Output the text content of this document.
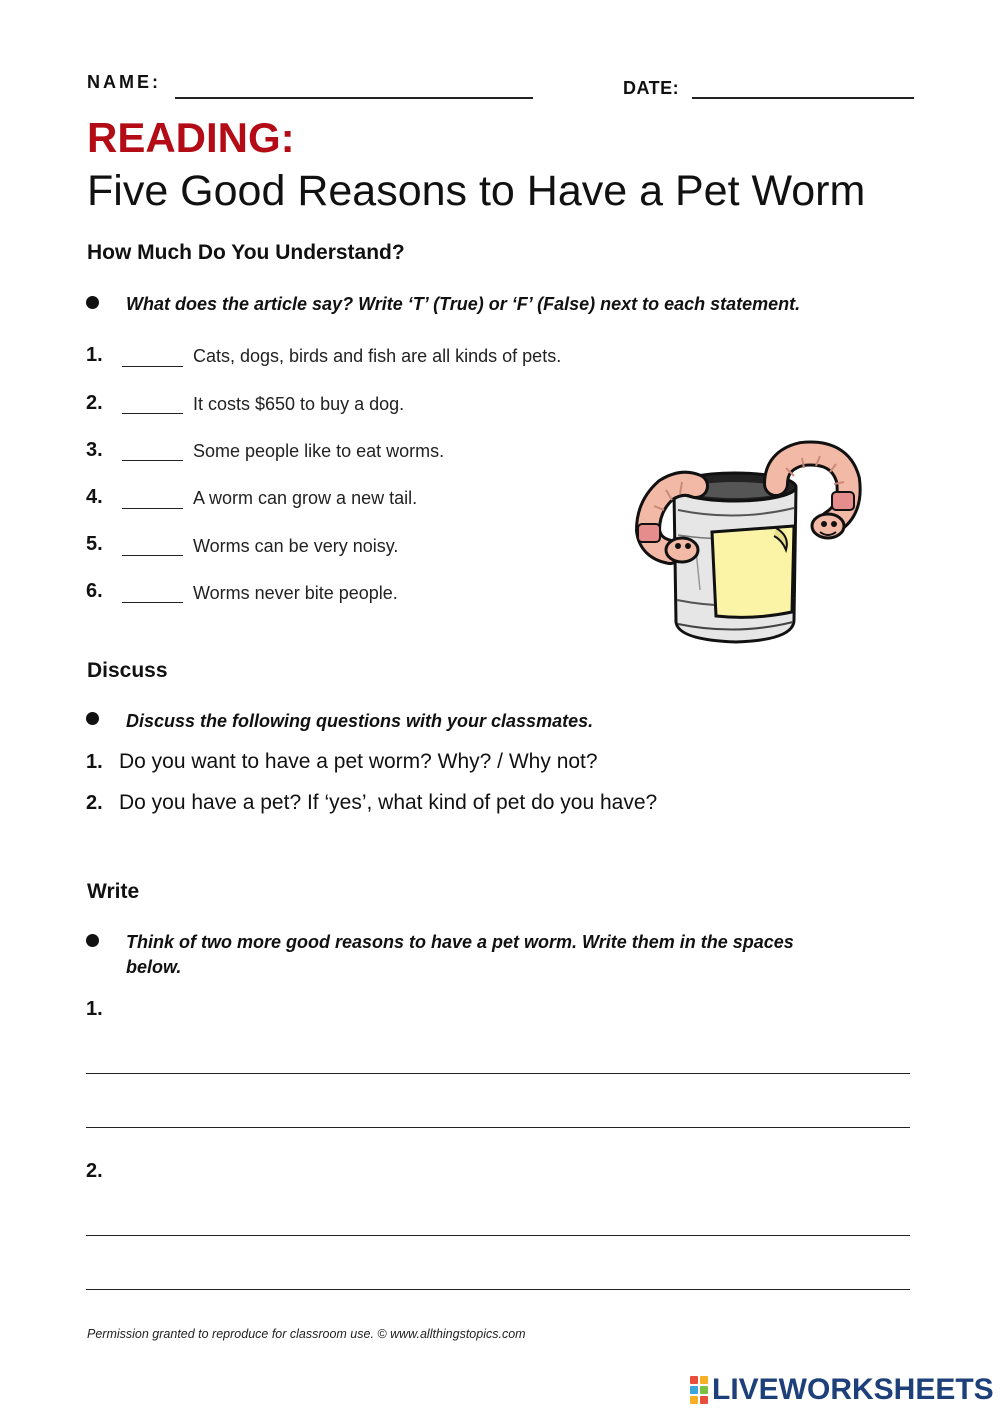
NAME:	DATE:
READING:
Five Good Reasons to Have a Pet Worm
How Much Do You Understand?
What does the article say? Write ‘T’ (True) or ‘F’ (False) next to each statement.
1.	Cats, dogs, birds and fish are all kinds of pets.
2.	It costs $650 to buy a dog.
3.	Some people like to eat worms.
4.	A worm can grow a new tail.
5.	Worms can be very noisy.
6.	Worms never bite people.
Discuss
Discuss the following questions with your classmates.
1. Do you want to have a pet worm? Why? / Why not?
2. Do you have a pet? If ‘yes’, what kind of pet do you have?
Write
Think of two more good reasons to have a pet worm. Write them in the spaces
below.
1.
2.
Permission granted to reproduce for classroom use. © www.allthingstopics.com
LIVEWORKSHEETS
